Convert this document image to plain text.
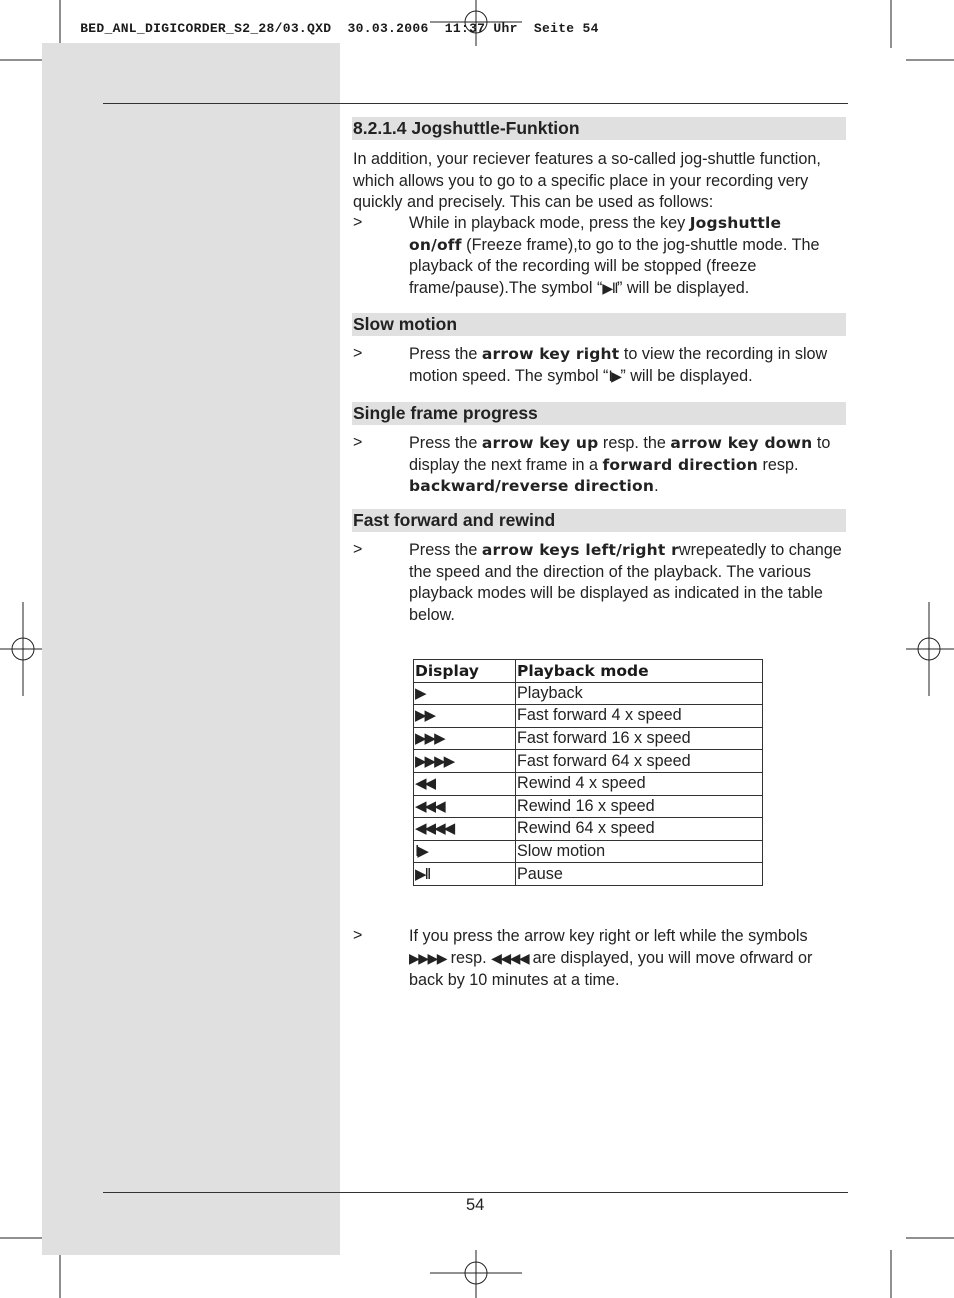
BED_ANL_DIGICORDER_S2_28/03.QXD 30.03.2006 11:37 Uhr Seite 54

8.2.1.4 Jogshuttle-Funktion
In addition, your reciever features a so-called jog-shuttle function, which allows you to go to a specific place in your recording very quickly and precisely. This can be used as follows:
>	While in playback mode, press the key Jogshuttle on/off (Freeze frame),to go to the jog-shuttle mode. The playback of the recording will be stopped (freeze frame/pause).The symbol “▶II” will be displayed.
Slow motion
>	Press the arrow key right to view the recording in slow motion speed. The symbol “I▶” will be displayed.
Single frame progress
>	Press the arrow key up resp. the arrow key down to display the next frame in a forward direction resp. backward/reverse direction.
Fast forward and rewind
>	Press the arrow keys left/right rwrepeatedly to change the speed and the direction of the playback. The various playback modes will be displayed as indicated in the table below.
Display	Playback mode
▶	Playback
▶▶	Fast forward 4 x speed
▶▶▶	Fast forward 16 x speed
▶▶▶▶	Fast forward 64 x speed
◀◀	Rewind 4 x speed
◀◀◀	Rewind 16 x speed
◀◀◀◀	Rewind 64 x speed
I▶	Slow motion
▶II	Pause
>	If you press the arrow key right or left while the symbols ▶▶▶▶ resp. ◀◀◀◀ are displayed, you will move ofrward or back by 10 minutes at a time.
54
